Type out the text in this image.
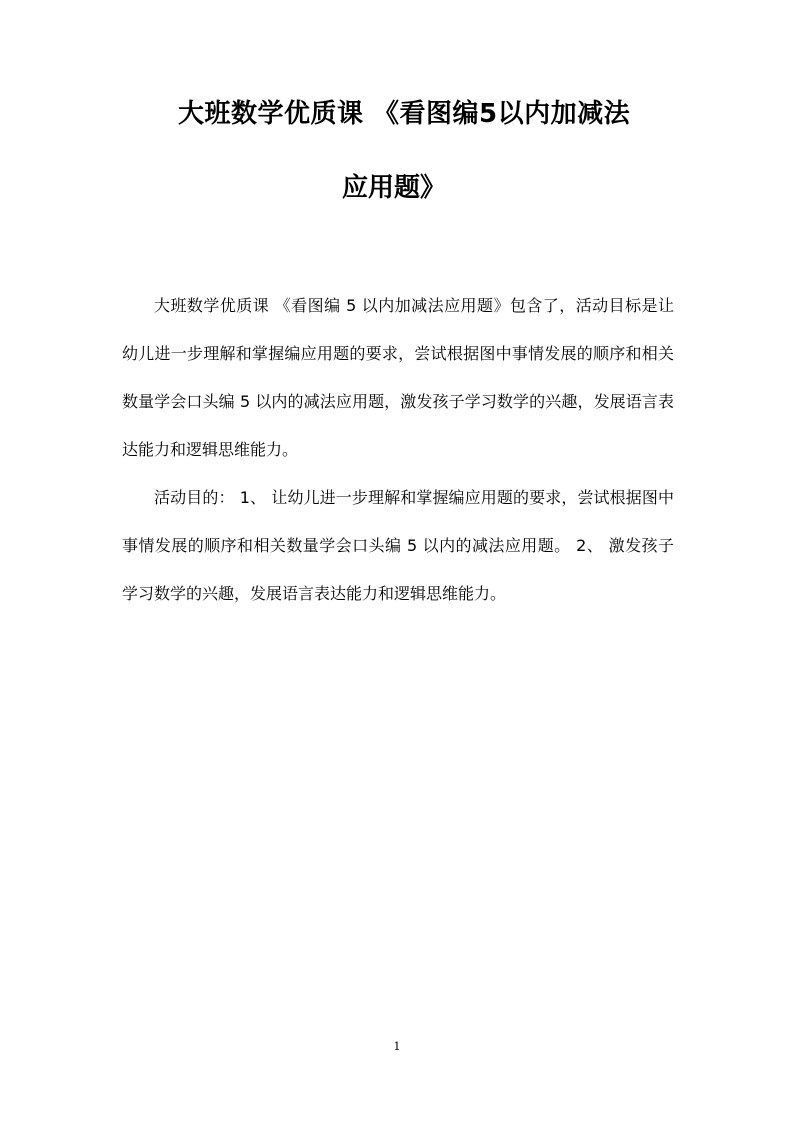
大班数学优质课 《看图编5以内加减法
应用题》

大班数学优质课 《看图编 5 以内加减法应用题》包含了，活动目标是让幼儿进一步理解和掌握编应用题的要求，尝试根据图中事情发展的顺序和相关数量学会口头编 5 以内的减法应用题，激发孩子学习数学的兴趣，发展语言表达能力和逻辑思维能力。

活动目的： 1、 让幼儿进一步理解和掌握编应用题的要求，尝试根据图中事情发展的顺序和相关数量学会口头编 5 以内的减法应用题。 2、 激发孩子学习数学的兴趣，发展语言表达能力和逻辑思维能力。

1
